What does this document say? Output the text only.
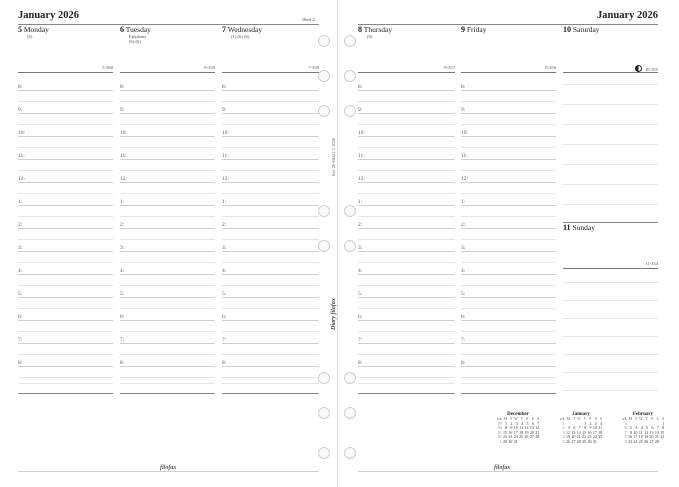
January 2026	Week 2
5 Monday
(6)
5-360
8:
9:
10:
11:
12:
1:
2:
3:
4:
5:
6:
7:
8:
6 Tuesday
Epiphany
(6) (6)
6-359
8:
9:
10:
11:
12:
1:
2:
3:
4:
5:
6:
7:
8:
7 Wednesday
(1) (6) (6)
7-358
8:
9:
10:
11:
12:
1:
2:
3:
4:
5:
6:
7:
8:
filofax
Ref. 26-68421 © 2026
Diary filofax
January 2026
8 Thursday
(6)
8-357
8:
9:
10:
11:
12:
1:
2:
3:
4:
5:
6:
7:
8:
9 Friday
9-356
8:
9:
10:
11:
12:
1:
2:
3:
4:
5:
6:
7:
8:
10 Saturday
10-355
11 Sunday
11-354
filofax
December
wk	M	T	W	T	F	S	S
49	1	2	3	4	5	6	7
50	8	9	10	11	12	13	14
51	15	16	17	18	19	20	21
52	22	23	24	25	26	27	28
1	29	30	31				
January
wk	M	T	W	T	F	S	S
1				1	2	3	4
2	5	6	7	8	9	10	11
3	12	13	14	15	16	17	18
4	19	20	21	22	23	24	25
5	26	27	28	29	30	31	
February
wk	M	T	W	T	F	S	S
5							1
6	2	3	4	5	6	7	8
7	9	10	11	12	13	14	15
8	16	17	18	19	20	21	22
9	23	24	25	26	27	28	
